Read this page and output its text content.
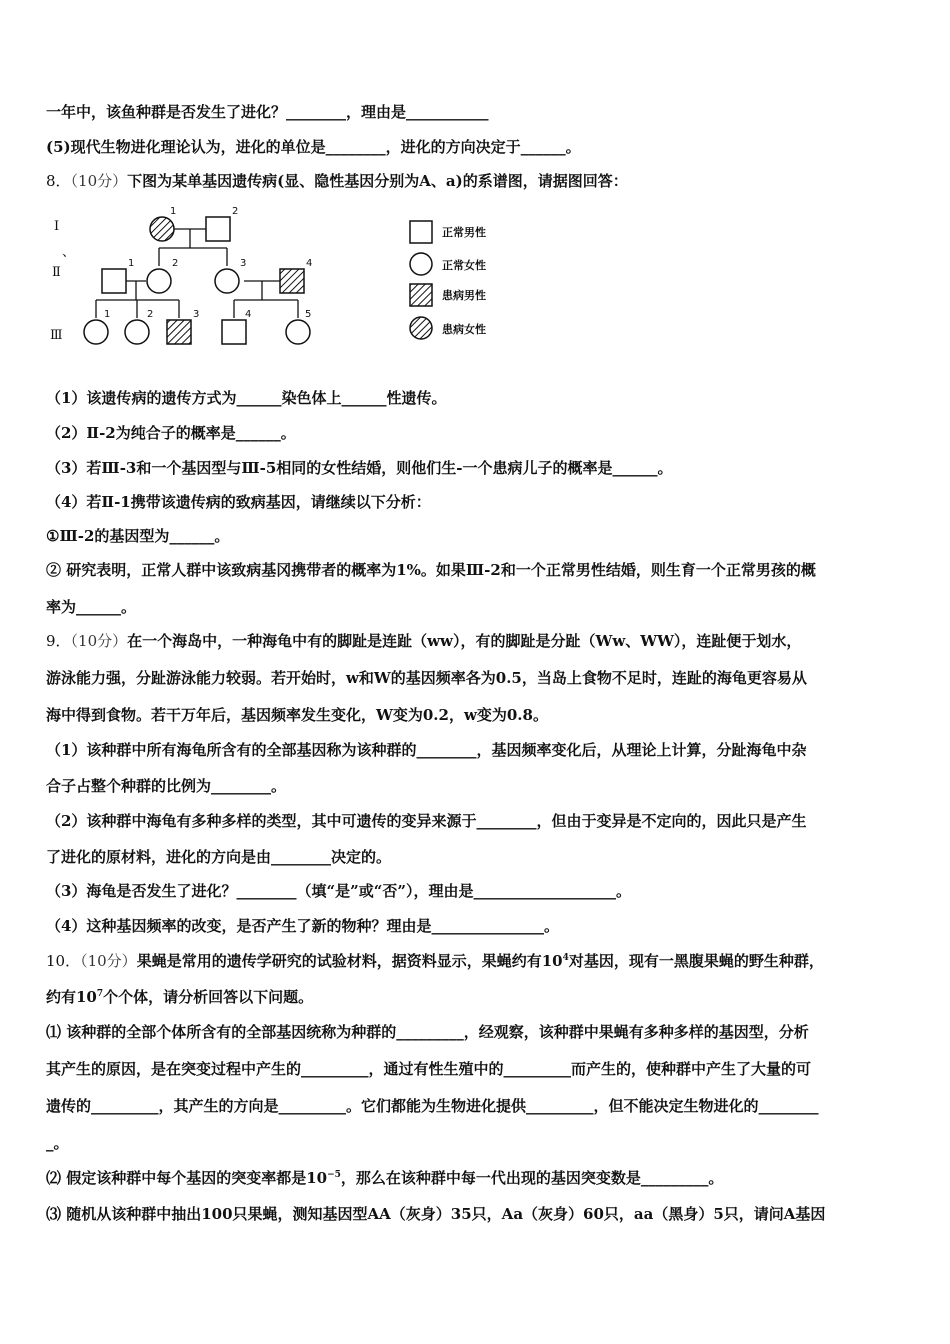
一年中，该鱼种群是否发生了进化？________，理由是___________
(5)现代生物进化理论认为，进化的单位是________，进化的方向决定于______。
8．（10分）下图为某单基因遗传病(显、隐性基因分别为A、a)的系谱图，请据图回答：
Ⅰ
、
Ⅱ
Ⅲ
1	2
1	2	3	4
1	2	3	4	5
正常男性
正常女性
患病男性
患病女性
（1）该遗传病的遗传方式为______染色体上______性遗传。
（2）Ⅱ-2为纯合子的概率是______。
（3）若Ⅲ-3和一个基因型与Ⅲ-5相同的女性结婚，则他们生-一个患病儿子的概率是______。
（4）若Ⅱ-1携带该遗传病的致病基因，请继续以下分析：
①Ⅲ-2的基因型为______。
② 研究表明，正常人群中该致病基冈携带者的概率为1%。如果Ⅲ-2和一个正常男性结婚，则生育一个正常男孩的概
率为______。
9．（10分）在一个海岛中，一种海龟中有的脚趾是连趾（ww），有的脚趾是分趾（Ww、WW），连趾便于划水，
游泳能力强，分趾游泳能力较弱。若开始时，w和W的基因频率各为0.5，当岛上食物不足时，连趾的海龟更容易从
海中得到食物。若干万年后，基因频率发生变化，W变为0.2，w变为0.8。
（1）该种群中所有海龟所含有的全部基因称为该种群的________，基因频率变化后，从理论上计算，分趾海龟中杂
合子占整个种群的比例为________。
（2）该种群中海龟有多种多样的类型，其中可遗传的变异来源于________，但由于变异是不定向的，因此只是产生
了进化的原材料，进化的方向是由________决定的。
（3）海龟是否发生了进化？________（填“是”或“否”），理由是___________________。
（4）这种基因频率的改变，是否产生了新的物种？理由是_______________。
10．（10分）果蝇是常用的遗传学研究的试验材料，据资料显示，果蝇约有$10^4$对基因，现有一黑腹果蝇的野生种群，
约有$10^7$个个体，请分析回答以下问题。
⑴ 该种群的全部个体所含有的全部基因统称为种群的_________，经观察，该种群中果蝇有多种多样的基因型，分析
其产生的原因，是在突变过程中产生的_________，通过有性生殖中的_________而产生的，使种群中产生了大量的可
遗传的_________，其产生的方向是_________。它们都能为生物进化提供_________，但不能决定生物进化的________
_。
⑵ 假定该种群中每个基因的突变率都是$10^{-5}$，那么在该种群中每一代出现的基因突变数是_________。
⑶ 随机从该种群中抽出100只果蝇，测知基因型AA（灰身）35只，Aa（灰身）60只，aa（黑身）5只，请问A基因
